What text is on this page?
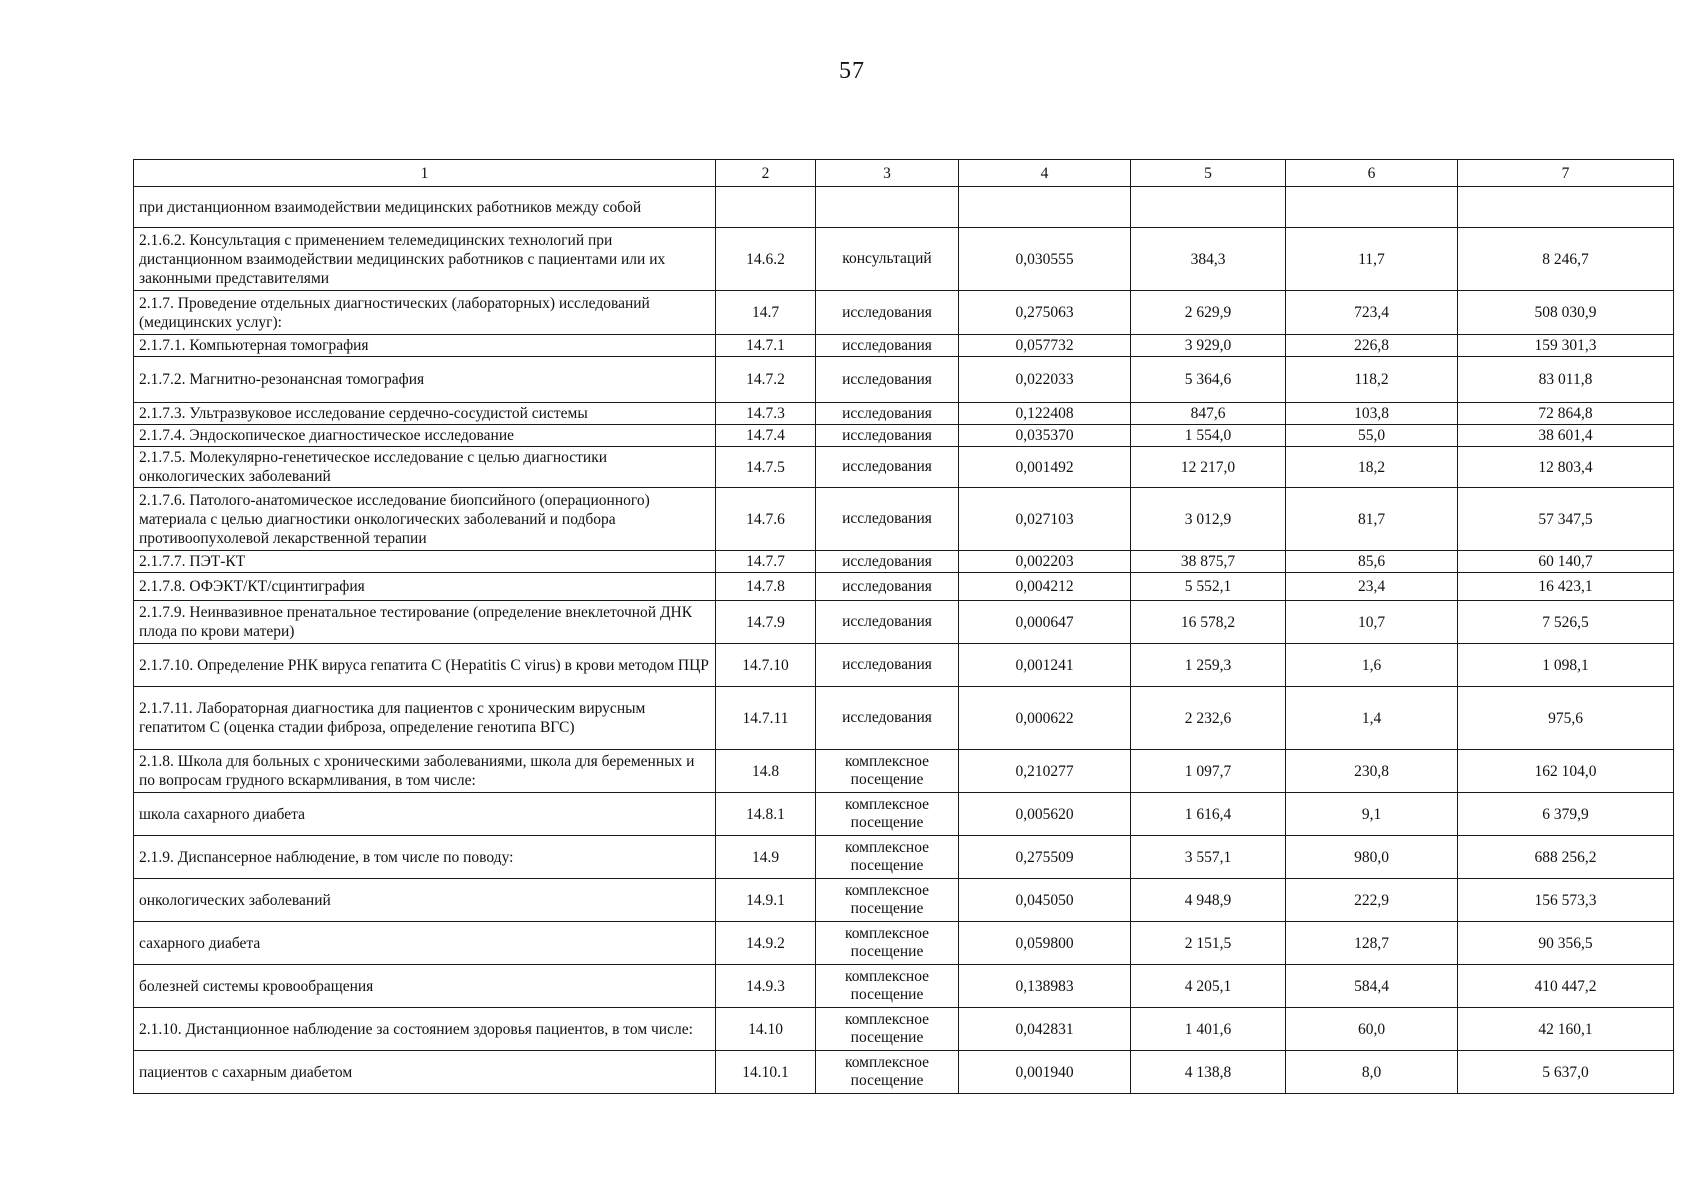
57
1	2	3	4	5	6	7
при дистанционном взаимодействии медицинских работников между собой						
2.1.6.2. Консультация с применением телемедицинских технологий при дистанционном взаимодействии медицинских работников с пациентами или их законными представителями	14.6.2	консультаций	0,030555	384,3	11,7	8 246,7
2.1.7. Проведение отдельных диагностических (лабораторных) исследований (медицинских услуг):	14.7	исследования	0,275063	2 629,9	723,4	508 030,9
2.1.7.1. Компьютерная томография	14.7.1	исследования	0,057732	3 929,0	226,8	159 301,3
2.1.7.2. Магнитно-резонансная томография	14.7.2	исследования	0,022033	5 364,6	118,2	83 011,8
2.1.7.3. Ультразвуковое исследование сердечно-сосудистой системы	14.7.3	исследования	0,122408	847,6	103,8	72 864,8
2.1.7.4. Эндоскопическое диагностическое исследование	14.7.4	исследования	0,035370	1 554,0	55,0	38 601,4
2.1.7.5. Молекулярно-генетическое исследование с целью диагностики онкологических заболеваний	14.7.5	исследования	0,001492	12 217,0	18,2	12 803,4
2.1.7.6. Патолого-анатомическое исследование биопсийного (операционного) материала с целью диагностики онкологических заболеваний и подбора противоопухолевой лекарственной терапии	14.7.6	исследования	0,027103	3 012,9	81,7	57 347,5
2.1.7.7. ПЭТ-КТ	14.7.7	исследования	0,002203	38 875,7	85,6	60 140,7
2.1.7.8. ОФЭКТ/КТ/сцинтиграфия	14.7.8	исследования	0,004212	5 552,1	23,4	16 423,1
2.1.7.9. Неинвазивное пренатальное тестирование (определение внеклеточной ДНК плода по крови матери)	14.7.9	исследования	0,000647	16 578,2	10,7	7 526,5
2.1.7.10. Определение РНК вируса гепатита С (Hepatitis C virus) в крови методом ПЦР	14.7.10	исследования	0,001241	1 259,3	1,6	1 098,1
2.1.7.11. Лабораторная диагностика для пациентов с хроническим вирусным гепатитом С (оценка стадии фиброза, определение генотипа ВГС)	14.7.11	исследования	0,000622	2 232,6	1,4	975,6
2.1.8. Школа для больных с хроническими заболеваниями, школа для беременных и по вопросам грудного вскармливания, в том числе:	14.8	комплексное посещение	0,210277	1 097,7	230,8	162 104,0
школа сахарного диабета	14.8.1	комплексное посещение	0,005620	1 616,4	9,1	6 379,9
2.1.9. Диспансерное наблюдение, в том числе по поводу:	14.9	комплексное посещение	0,275509	3 557,1	980,0	688 256,2
онкологических заболеваний	14.9.1	комплексное посещение	0,045050	4 948,9	222,9	156 573,3
сахарного диабета	14.9.2	комплексное посещение	0,059800	2 151,5	128,7	90 356,5
болезней системы кровообращения	14.9.3	комплексное посещение	0,138983	4 205,1	584,4	410 447,2
2.1.10. Дистанционное наблюдение за состоянием здоровья пациентов, в том числе:	14.10	комплексное посещение	0,042831	1 401,6	60,0	42 160,1
пациентов с сахарным диабетом	14.10.1	комплексное посещение	0,001940	4 138,8	8,0	5 637,0
